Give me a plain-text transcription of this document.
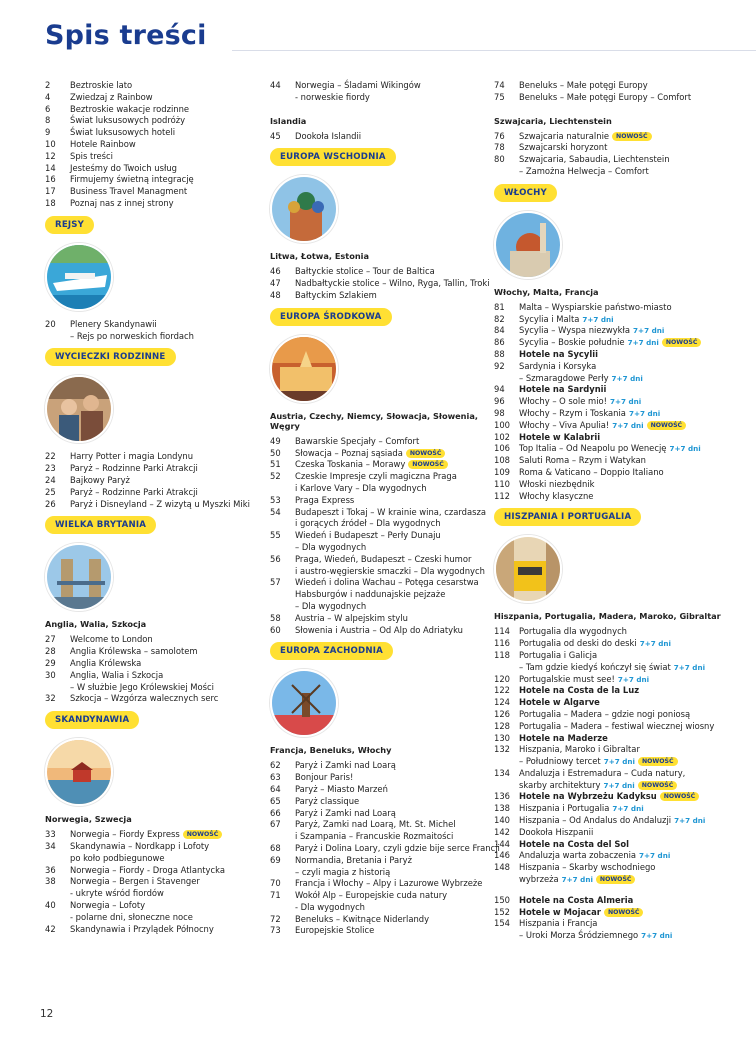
Spis treści
2	Beztroskie lato
4	Zwiedzaj z Rainbow
6	Beztroskie wakacje rodzinne
8	Świat luksusowych podróży
9	Świat luksusowych hoteli
10	Hotele Rainbow
12	Spis treści
14	Jesteśmy do Twoich usług
16	Firmujemy świetną integrację
17	Business Travel Managment
18	Poznaj nas z innej strony
REJSY
20	Plenery Skandynawii
– Rejs po norweskich fiordach
WYCIECZKI RODZINNE
22	Harry Potter i magia Londynu
23	Paryż – Rodzinne Parki Atrakcji
24	Bajkowy Paryż
25	Paryż – Rodzinne Parki Atrakcji
26	Paryż i Disneyland – Z wizytą u Myszki Miki
WIELKA BRYTANIA
Anglia, Walia, Szkocja
27	Welcome to London
28	Anglia Królewska – samolotem
29	Anglia Królewska
30	Anglia, Walia i Szkocja
– W służbie Jego Królewskiej Mości
32	Szkocja – Wzgórza walecznych serc
SKANDYNAWIA
Norwegia, Szwecja
33	Norwegia – Fiordy Express NOWOŚĆ
34	Skandynawia – Nordkapp i Lofoty
po koło podbiegunowe
36	Norwegia – Fiordy - Droga Atlantycka
38	Norwegia – Bergen i Stavenger
- ukryte wśród fiordów
40	Norwegia – Lofoty
- polarne dni, słoneczne noce
42	Skandynawia i Przylądek Północny
44	Norwegia – Śladami Wikingów
- norweskie fiordy
Islandia
45	Dookoła Islandii
EUROPA WSCHODNIA
Litwa, Łotwa, Estonia
46	Bałtyckie stolice – Tour de Baltica
47	Nadbałtyckie stolice – Wilno, Ryga, Tallin, Troki
48	Bałtyckim Szlakiem
EUROPA ŚRODKOWA
Austria, Czechy, Niemcy, Słowacja, Słowenia, Węgry
49	Bawarskie Specjały – Comfort
50	Słowacja – Poznaj sąsiada NOWOŚĆ
51	Czeska Toskania – Morawy NOWOŚĆ
52	Czeskie Impresje czyli magiczna Praga
i Karlove Vary – Dla wygodnych
53	Praga Express
54	Budapeszt i Tokaj – W krainie wina, czardasza
i gorących źródeł – Dla wygodnych
55	Wiedeń i Budapeszt – Perły Dunaju
– Dla wygodnych
56	Praga, Wiedeń, Budapeszt – Czeski humor
i austro-węgierskie smaczki – Dla wygodnych
57	Wiedeń i dolina Wachau – Potęga cesarstwa
Habsburgów i naddunajskie pejzaże
– Dla wygodnych
58	Austria – W alpejskim stylu
60	Słowenia i Austria – Od Alp do Adriatyku
EUROPA ZACHODNIA
Francja, Beneluks, Włochy
62	Paryż i Zamki nad Loarą
63	Bonjour Paris!
64	Paryż – Miasto Marzeń
65	Paryż classique
66	Paryż i Zamki nad Loarą
67	Paryż, Zamki nad Loarą, Mt. St. Michel
i Szampania – Francuskie Rozmaitości
68	Paryż i Dolina Loary, czyli gdzie bije serce Francji
69	Normandia, Bretania i Paryż
– czyli magia z historią
70	Francja i Włochy – Alpy i Lazurowe Wybrzeże
71	Wokół Alp – Europejskie cuda natury
- Dla wygodnych
72	Beneluks – Kwitnące Niderlandy
73	Europejskie Stolice
74	Beneluks – Małe potęgi Europy
75	Beneluks – Małe potęgi Europy – Comfort
Szwajcaria, Liechtenstein
76	Szwajcaria naturalnie NOWOŚĆ
78	Szwajcarski horyzont
80	Szwajcaria, Sabaudia, Liechtenstein
– Zamożna Helwecja – Comfort
WŁOCHY
Włochy, Malta, Francja
81	Malta – Wyspiarskie państwo-miasto
82	Sycylia i Malta 7+7 dni
84	Sycylia – Wyspa niezwykła 7+7 dni
86	Sycylia – Boskie południe 7+7 dni NOWOŚĆ
88	Hotele na Sycylii
92	Sardynia i Korsyka
– Szmaragdowe Perły 7+7 dni
94	Hotele na Sardynii
96	Włochy – O sole mio! 7+7 dni
98	Włochy – Rzym i Toskania 7+7 dni
100	Włochy – Viva Apulia! 7+7 dni NOWOŚĆ
102	Hotele w Kalabrii
106	Top Italia – Od Neapolu po Wenecję 7+7 dni
108	Saluti Roma – Rzym i Watykan
109	Roma & Vaticano – Doppio Italiano
110	Włoski niezbędnik
112	Włochy klasyczne
HISZPANIA I PORTUGALIA
Hiszpania, Portugalia, Madera, Maroko, Gibraltar
114	Portugalia dla wygodnych
116	Portugalia od deski do deski 7+7 dni
118	Portugalia i Galicja
– Tam gdzie kiedyś kończył się świat 7+7 dni
120	Portugalskie must see! 7+7 dni
122	Hotele na Costa de la Luz
124	Hotele w Algarve
126	Portugalia – Madera – gdzie nogi poniosą
128	Portugalia – Madera – festiwal wiecznej wiosny
130	Hotele na Maderze
132	Hiszpania, Maroko i Gibraltar
– Południowy tercet 7+7 dni NOWOŚĆ
134	Andaluzja i Estremadura – Cuda natury,
skarby architektury 7+7 dni NOWOŚĆ
136	Hotele na Wybrzeżu Kadyksu NOWOŚĆ
138	Hiszpania i Portugalia 7+7 dni
140	Hiszpania – Od Andalus do Andaluzji 7+7 dni
142	Dookoła Hiszpanii
144	Hotele na Costa del Sol
146	Andaluzja warta zobaczenia 7+7 dni
148	Hiszpania – Skarby wschodniego
wybrzeża 7+7 dni NOWOŚĆ
150	Hotele na Costa Almeria
152	Hotele w Mojacar NOWOŚĆ
154	Hiszpania i Francja
– Uroki Morza Śródziemnego 7+7 dni
12
